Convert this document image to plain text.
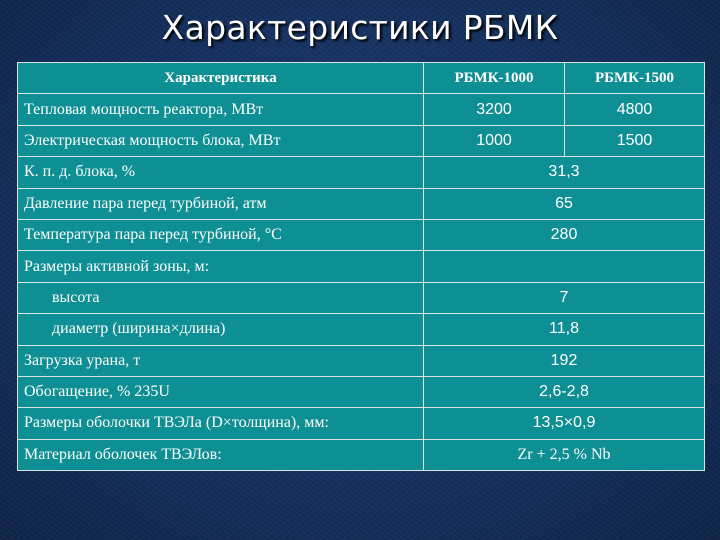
Характеристики РБМК
Характеристика	РБМК-1000	РБМК-1500
Тепловая мощность реактора, МВт	3200	4800
Электрическая мощность блока, МВт	1000	1500
К. п. д. блока, %	31,3	
Давление пара перед турбиной, атм	65	
Температура пара перед турбиной, °С	280	
Размеры активной зоны, м:		
высота	7	
диаметр (ширина×длина)	11,8	
Загрузка урана, т	192	
Обогащение, % 235U	2,6-2,8	
Размеры оболочки ТВЭЛа (D×толщина), мм:	13,5×0,9	
Материал оболочек ТВЭЛов:	Zr + 2,5 % Nb	
